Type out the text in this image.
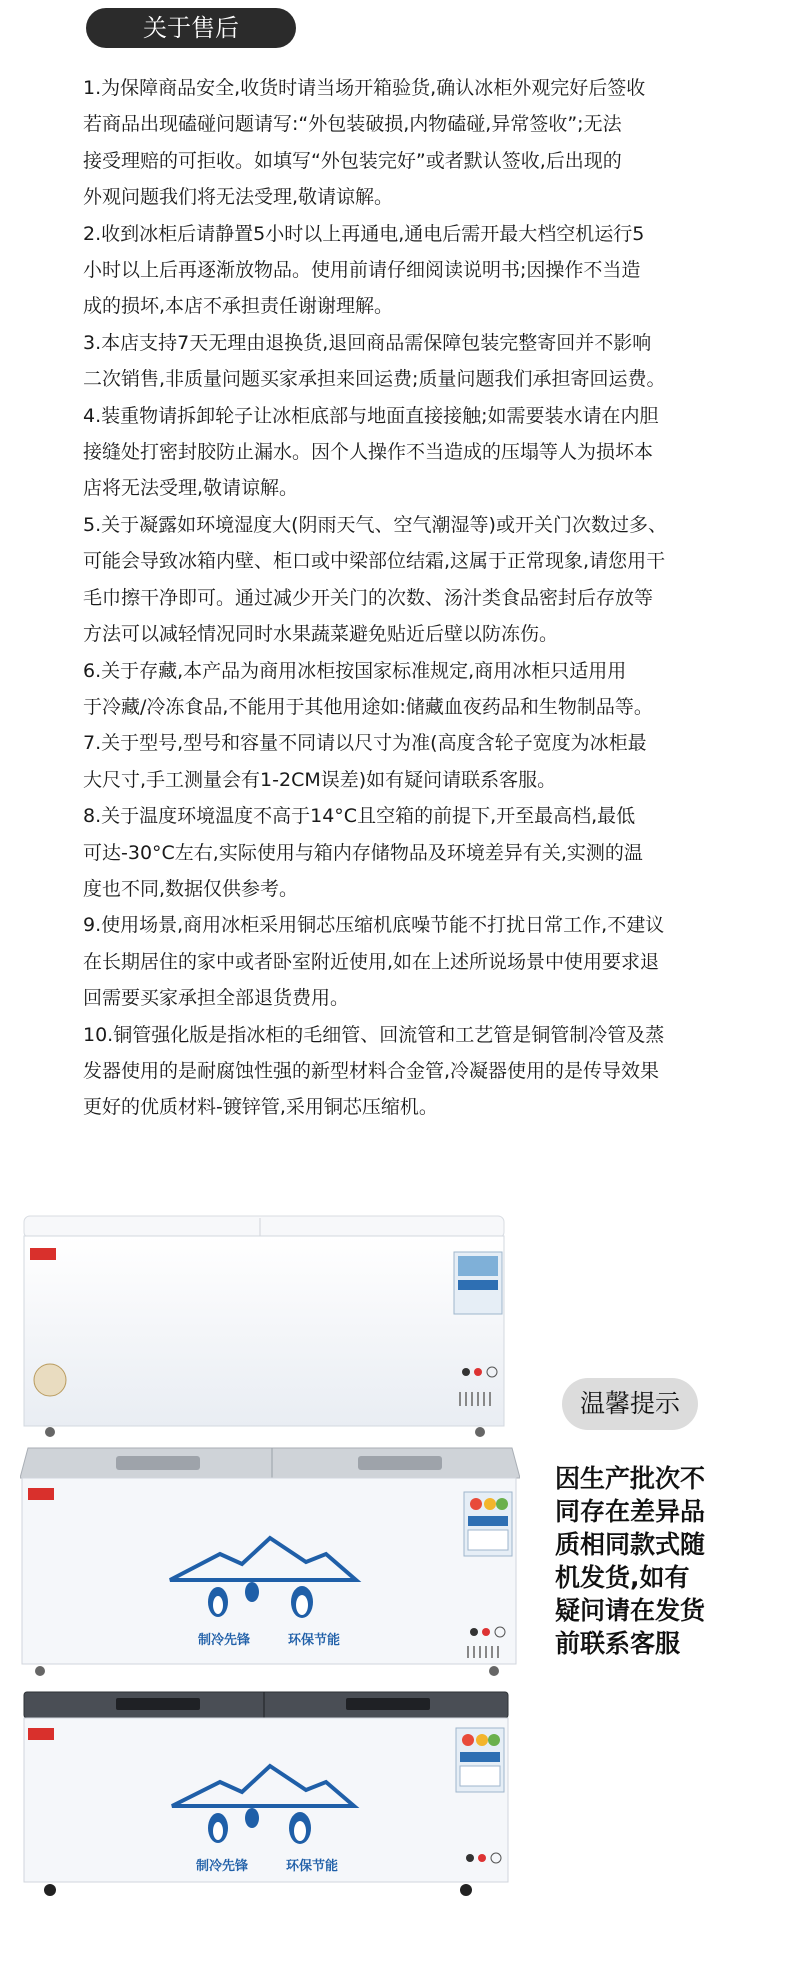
关于售后

1.为保障商品安全,收货时请当场开箱验货,确认冰柜外观完好后签收

若商品出现磕碰问题请写:“外包装破损,内物磕碰,异常签收”;无法

接受理赔的可拒收。如填写“外包装完好”或者默认签收,后出现的

外观问题我们将无法受理,敬请谅解。

2.收到冰柜后请静置5小时以上再通电,通电后需开最大档空机运行5

小时以上后再逐渐放物品。使用前请仔细阅读说明书;因操作不当造

成的损坏,本店不承担责任谢谢理解。

3.本店支持7天无理由退换货,退回商品需保障包装完整寄回并不影响

二次销售,非质量问题买家承担来回运费;质量问题我们承担寄回运费。

4.装重物请拆卸轮子让冰柜底部与地面直接接触;如需要装水请在内胆

接缝处打密封胶防止漏水。因个人操作不当造成的压塌等人为损坏本

店将无法受理,敬请谅解。

5.关于凝露如环境湿度大(阴雨天气、空气潮湿等)或开关门次数过多、

可能会导致冰箱内壁、柜口或中梁部位结霜,这属于正常现象,请您用干

毛巾擦干净即可。通过减少开关门的次数、汤汁类食品密封后存放等

方法可以减轻情况同时水果蔬菜避免贴近后壁以防冻伤。

6.关于存藏,本产品为商用冰柜按国家标准规定,商用冰柜只适用用

于冷藏/冷冻食品,不能用于其他用途如:储藏血夜药品和生物制品等。

7.关于型号,型号和容量不同请以尺寸为准(高度含轮子宽度为冰柜最

大尺寸,手工测量会有1-2CM误差)如有疑问请联系客服。

8.关于温度环境温度不高于14°C且空箱的前提下,开至最高档,最低

可达-30°C左右,实际使用与箱内存储物品及环境差异有关,实测的温

度也不同,数据仅供参考。

9.使用场景,商用冰柜采用铜芯压缩机底噪节能不打扰日常工作,不建议

在长期居住的家中或者卧室附近使用,如在上述所说场景中使用要求退

回需要买家承担全部退货费用。

10.铜管强化版是指冰柜的毛细管、回流管和工艺管是铜管制冷管及蒸

发器使用的是耐腐蚀性强的新型材料合金管,冷凝器使用的是传导效果

更好的优质材料-镀锌管,采用铜芯压缩机。

制冷先锋	环保节能
制冷先锋	环保节能
温馨提示
因生产批次不
同存在差异品
质相同款式随
机发货,如有
疑问请在发货
前联系客服
